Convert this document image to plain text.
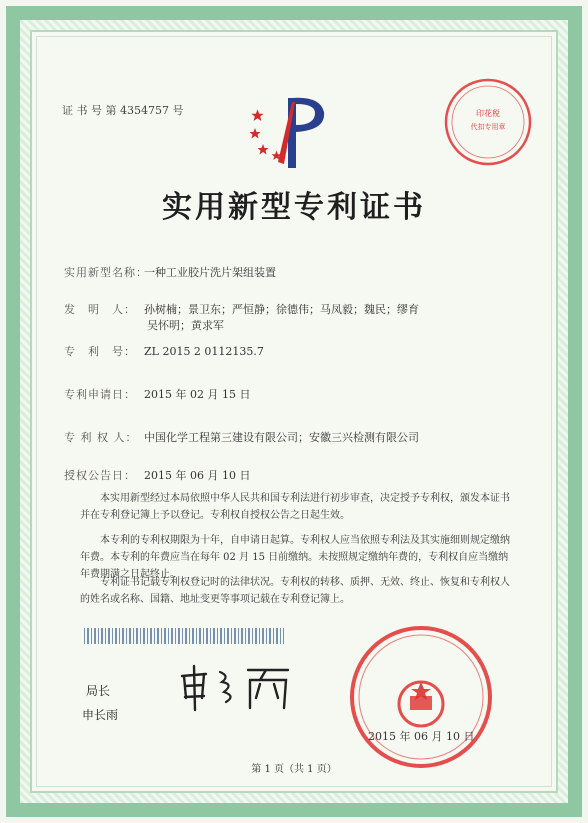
证 书 号 第 4354757 号	印花税
代扣专用章
实用新型专利证书
实用新型名称：一种工业胶片洗片架组装置
发　明　人： 孙树楠；景卫东；严恒静；徐德伟；马凤毅；魏民；缪育
吴怀明；黄求军
专　利　号： ZL 2015 2 0112135.7
专利申请日： 2015 年 02 月 15 日
专 利 权 人： 中国化学工程第三建设有限公司；安徽三兴检测有限公司
授权公告日： 2015 年 06 月 10 日
本实用新型经过本局依照中华人民共和国专利法进行初步审查，决定授予专利权，颁发本证书并在专利登记簿上予以登记。专利权自授权公告之日起生效。
本专利的专利权期限为十年，自申请日起算。专利权人应当依照专利法及其实施细则规定缴纳年费。本专利的年费应当在每年 02 月 15 日前缴纳。未按照规定缴纳年费的，专利权自应当缴纳年费期满之日起终止。
专利证书记载专利权登记时的法律状况。专利权的转移、质押、无效、终止、恢复和专利权人的姓名或名称、国籍、地址变更等事项记载在专利登记簿上。
局长
申长雨
2015 年 06 月 10 日
第 1 页（共 1 页）
